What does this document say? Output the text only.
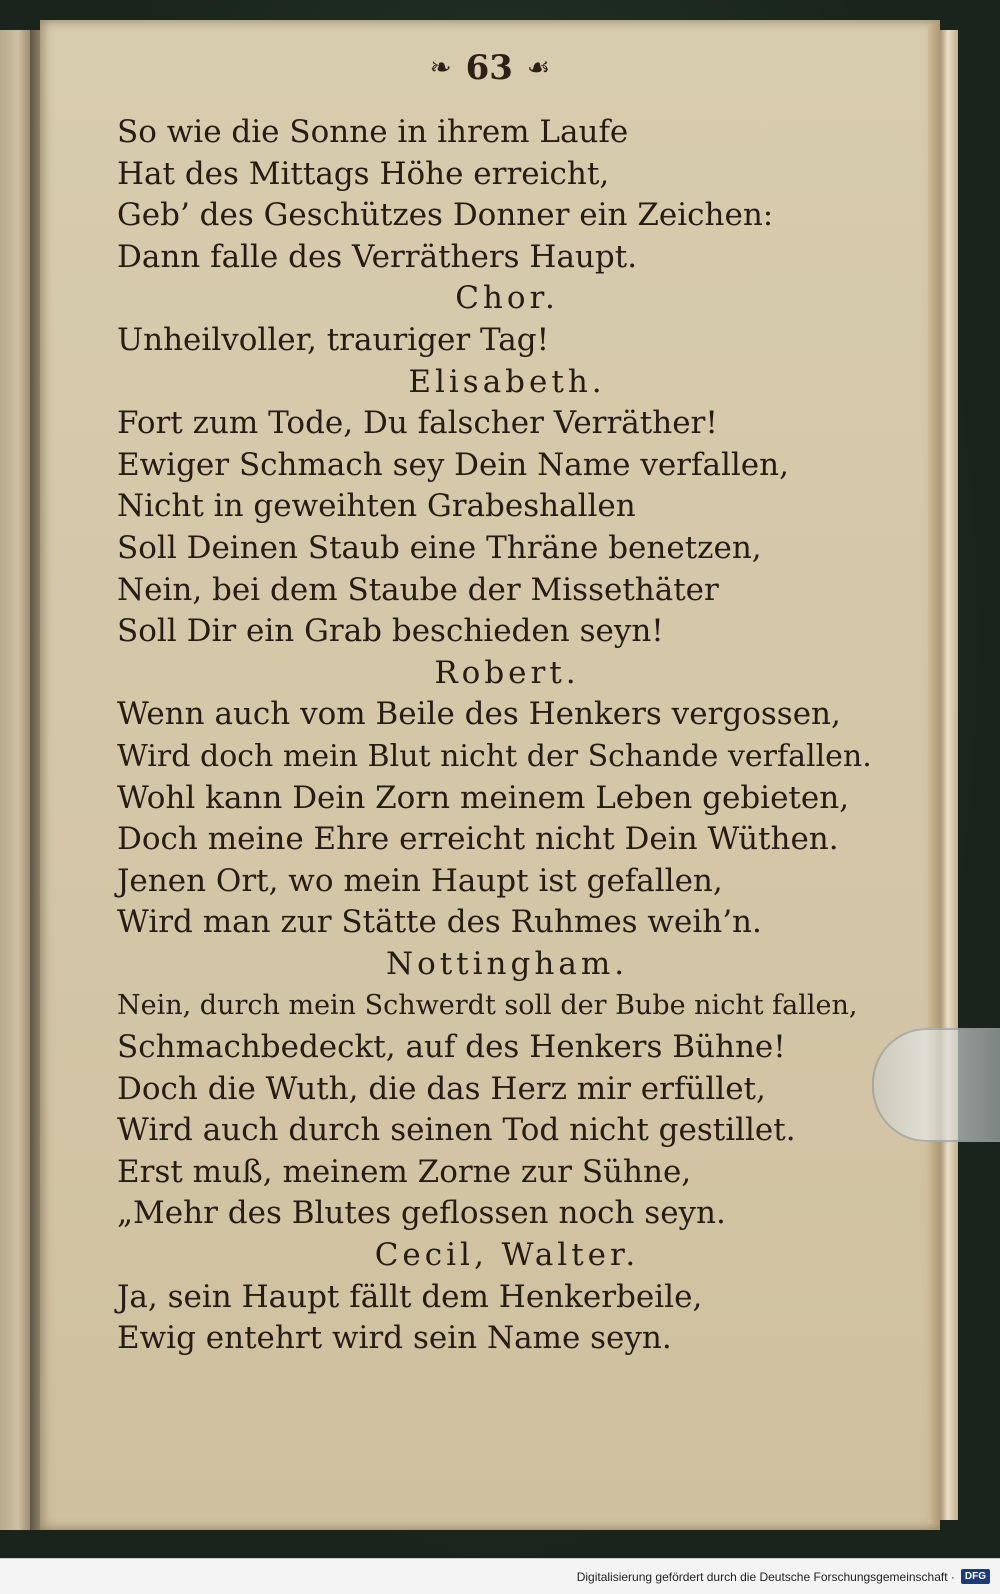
❧ 63 ☙
So wie die Sonne in ihrem Laufe
Hat des Mittags Höhe erreicht,
Geb’ des Geschützes Donner ein Zeichen:
Dann falle des Verräthers Haupt.
Chor.
Unheilvoller, trauriger Tag!
Elisabeth.
Fort zum Tode, Du falscher Verräther!
Ewiger Schmach sey Dein Name verfallen,
Nicht in geweihten Grabeshallen
Soll Deinen Staub eine Thräne benetzen,
Nein, bei dem Staube der Missethäter
Soll Dir ein Grab beschieden seyn!
Robert.
Wenn auch vom Beile des Henkers vergossen,
Wird doch mein Blut nicht der Schande verfallen.
Wohl kann Dein Zorn meinem Leben gebieten,
Doch meine Ehre erreicht nicht Dein Wüthen.
Jenen Ort, wo mein Haupt ist gefallen,
Wird man zur Stätte des Ruhmes weih’n.
Nottingham.
Nein, durch mein Schwerdt soll der Bube nicht fallen,
Schmachbedeckt, auf des Henkers Bühne!
Doch die Wuth, die das Herz mir erfüllet,
Wird auch durch seinen Tod nicht gestillet.
Erst muß, meinem Zorne zur Sühne,
„Mehr des Blutes geflossen noch seyn.
Cecil, Walter.
Ja, sein Haupt fällt dem Henkerbeile,
Ewig entehrt wird sein Name seyn.
Digitalisierung gefördert durch die Deutsche Forschungsgemeinschaft ·	DFG
